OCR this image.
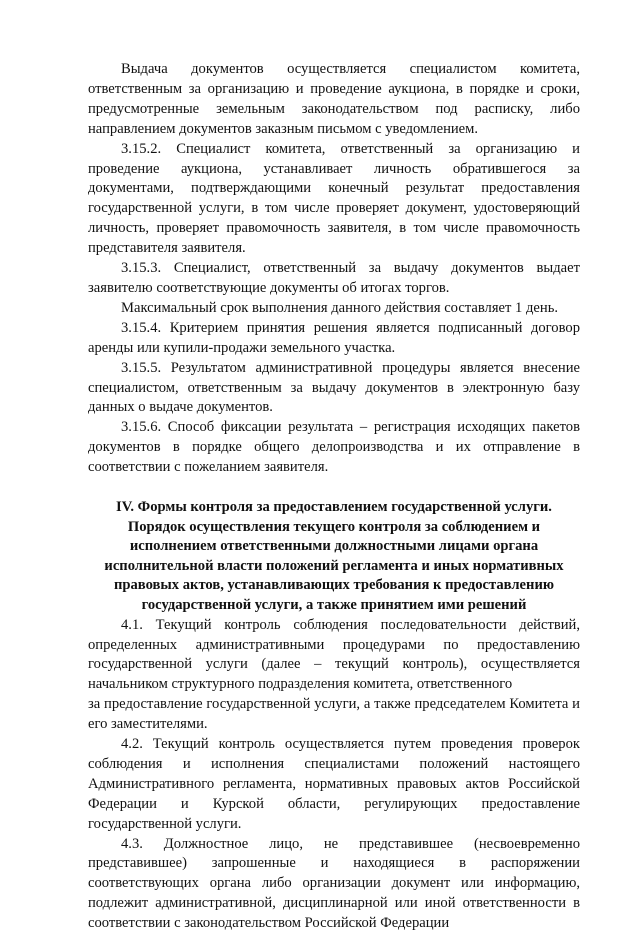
Выдача документов осуществляется специалистом комитета, ответственным за организацию и проведение аукциона, в порядке и сроки, предусмотренные земельным законодательством под расписку, либо направлением документов заказным письмом с уведомлением.

3.15.2. Специалист комитета, ответственный за организацию и проведение аукциона, устанавливает личность обратившегося за документами, подтверждающими конечный результат предоставления государственной услуги, в том числе проверяет документ, удостоверяющий личность, проверяет правомочность заявителя, в том числе правомочность представителя заявителя.

3.15.3. Специалист, ответственный за выдачу документов выдает заявителю соответствующие документы об итогах торгов.

Максимальный срок выполнения данного действия составляет 1 день.

3.15.4. Критерием принятия решения является подписанный договор аренды или купили-продажи земельного участка.

3.15.5. Результатом административной процедуры является внесение специалистом, ответственным за выдачу документов в электронную базу данных о выдаче документов.

3.15.6. Способ фиксации результата – регистрация исходящих пакетов документов в порядке общего делопроизводства и их отправление в соответствии с пожеланием заявителя.

IV. Формы контроля за предоставлением государственной услуги. Порядок осуществления текущего контроля за соблюдением и исполнением ответственными должностными лицами органа исполнительной власти положений регламента и иных нормативных правовых актов, устанавливающих требования к предоставлению государственной услуги, а также принятием ими решений

4.1. Текущий контроль соблюдения последовательности действий, определенных административными процедурами по предоставлению государственной услуги (далее – текущий контроль), осуществляется начальником структурного подразделения комитета, ответственного

за предоставление государственной услуги, а также председателем Комитета и его заместителями.

4.2. Текущий контроль осуществляется путем проведения проверок соблюдения и исполнения специалистами положений настоящего Административного регламента, нормативных правовых актов Российской Федерации и Курской области, регулирующих предоставление государственной услуги.

4.3. Должностное лицо, не представившее (несвоевременно представившее) запрошенные и находящиеся в распоряжении соответствующих органа либо организации документ или информацию, подлежит административной, дисциплинарной или иной ответственности в соответствии с законодательством Российской Федерации
